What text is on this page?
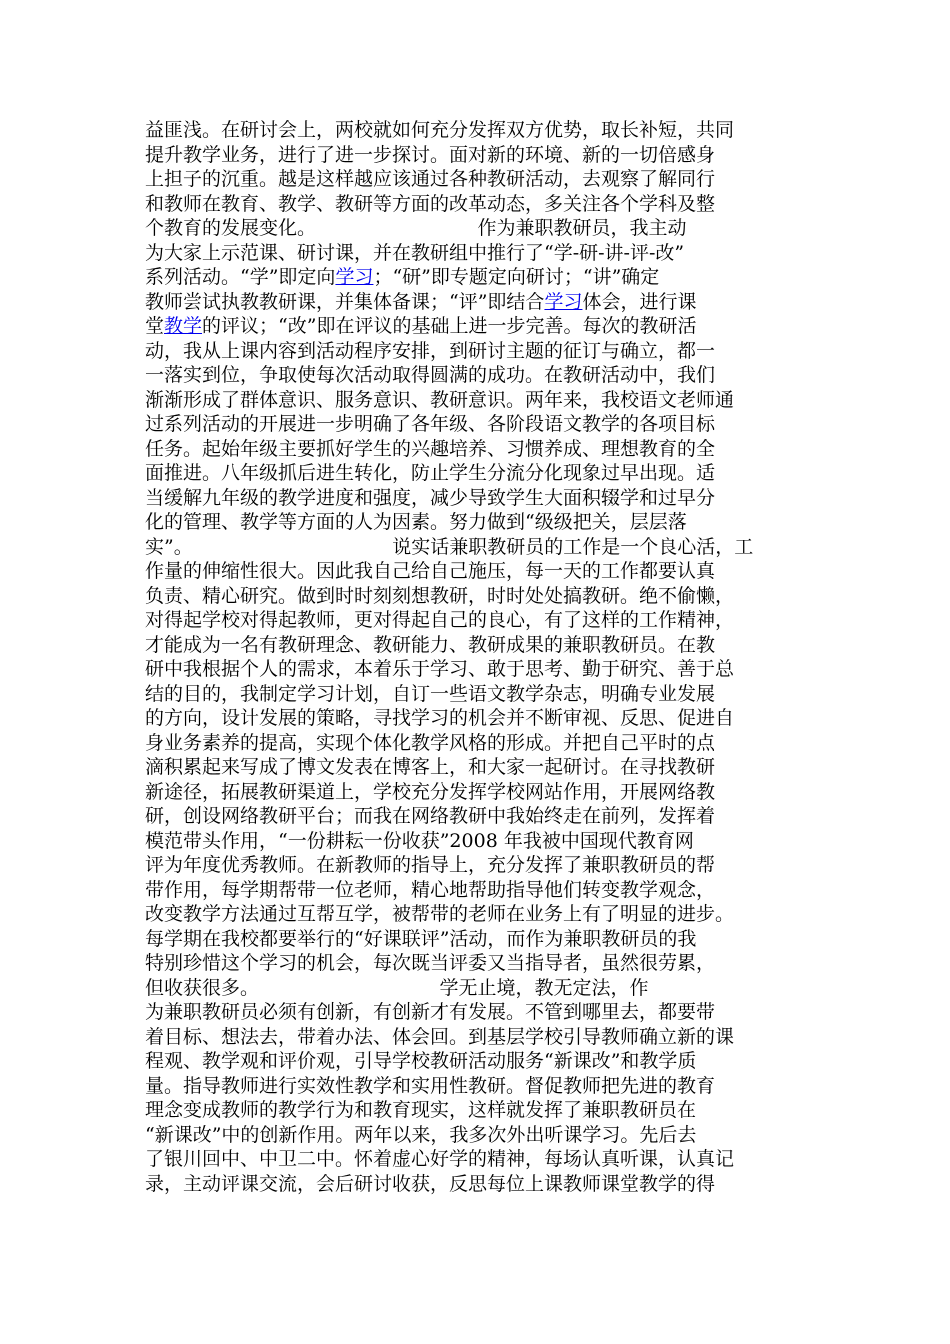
益匪浅。在研讨会上，两校就如何充分发挥双方优势，取长补短，共同
提升教学业务，进行了进一步探讨。面对新的环境、新的一切倍感身
上担子的沉重。越是这样越应该通过各种教研活动，去观察了解同行
和教师在教育、教学、教研等方面的改革动态，多关注各个学科及整
个教育的发展变化。　　　　　　　　　作为兼职教研员，我主动
为大家上示范课、研讨课，并在教研组中推行了“学-研-讲-评-改”
系列活动。“学”即定向学习；“研”即专题定向研讨；“讲”确定
教师尝试执教教研课，并集体备课；“评”即结合学习体会，进行课
堂教学的评议；“改”即在评议的基础上进一步完善。每次的教研活
动，我从上课内容到活动程序安排，到研讨主题的征订与确立，都一
一落实到位，争取使每次活动取得圆满的成功。在教研活动中，我们
渐渐形成了群体意识、服务意识、教研意识。两年来，我校语文老师通
过系列活动的开展进一步明确了各年级、各阶段语文教学的各项目标
任务。起始年级主要抓好学生的兴趣培养、习惯养成、理想教育的全
面推进。八年级抓后进生转化，防止学生分流分化现象过早出现。适
当缓解九年级的教学进度和强度，减少导致学生大面积辍学和过早分
化的管理、教学等方面的人为因素。努力做到“级级把关，层层落
实”。　　　　　　　　　　　说实话兼职教研员的工作是一个良心活，工
作量的伸缩性很大。因此我自己给自己施压，每一天的工作都要认真
负责、精心研究。做到时时刻刻想教研，时时处处搞教研。绝不偷懒，
对得起学校对得起教师，更对得起自己的良心，有了这样的工作精神，
才能成为一名有教研理念、教研能力、教研成果的兼职教研员。在教
研中我根据个人的需求，本着乐于学习、敢于思考、勤于研究、善于总
结的目的，我制定学习计划，自订一些语文教学杂志，明确专业发展
的方向，设计发展的策略，寻找学习的机会并不断审视、反思、促进自
身业务素养的提高，实现个体化教学风格的形成。并把自己平时的点
滴积累起来写成了博文发表在博客上，和大家一起研讨。在寻找教研
新途径，拓展教研渠道上，学校充分发挥学校网站作用，开展网络教
研，创设网络教研平台；而我在网络教研中我始终走在前列，发挥着
模范带头作用，“一份耕耘一份收获”2008 年我被中国现代教育网
评为年度优秀教师。在新教师的指导上，充分发挥了兼职教研员的帮
带作用，每学期帮带一位老师，精心地帮助指导他们转变教学观念，
改变教学方法通过互帮互学，被帮带的老师在业务上有了明显的进步。
每学期在我校都要举行的“好课联评”活动，而作为兼职教研员的我
特别珍惜这个学习的机会，每次既当评委又当指导者，虽然很劳累，
但收获很多。　　　　　　　　　　学无止境，教无定法，作
为兼职教研员必须有创新，有创新才有发展。不管到哪里去，都要带
着目标、想法去，带着办法、体会回。到基层学校引导教师确立新的课
程观、教学观和评价观，引导学校教研活动服务“新课改”和教学质
量。指导教师进行实效性教学和实用性教研。督促教师把先进的教育
理念变成教师的教学行为和教育现实，这样就发挥了兼职教研员在
“新课改”中的创新作用。两年以来，我多次外出听课学习。先后去
了银川回中、中卫二中。怀着虚心好学的精神，每场认真听课，认真记
录，主动评课交流，会后研讨收获，反思每位上课教师课堂教学的得
